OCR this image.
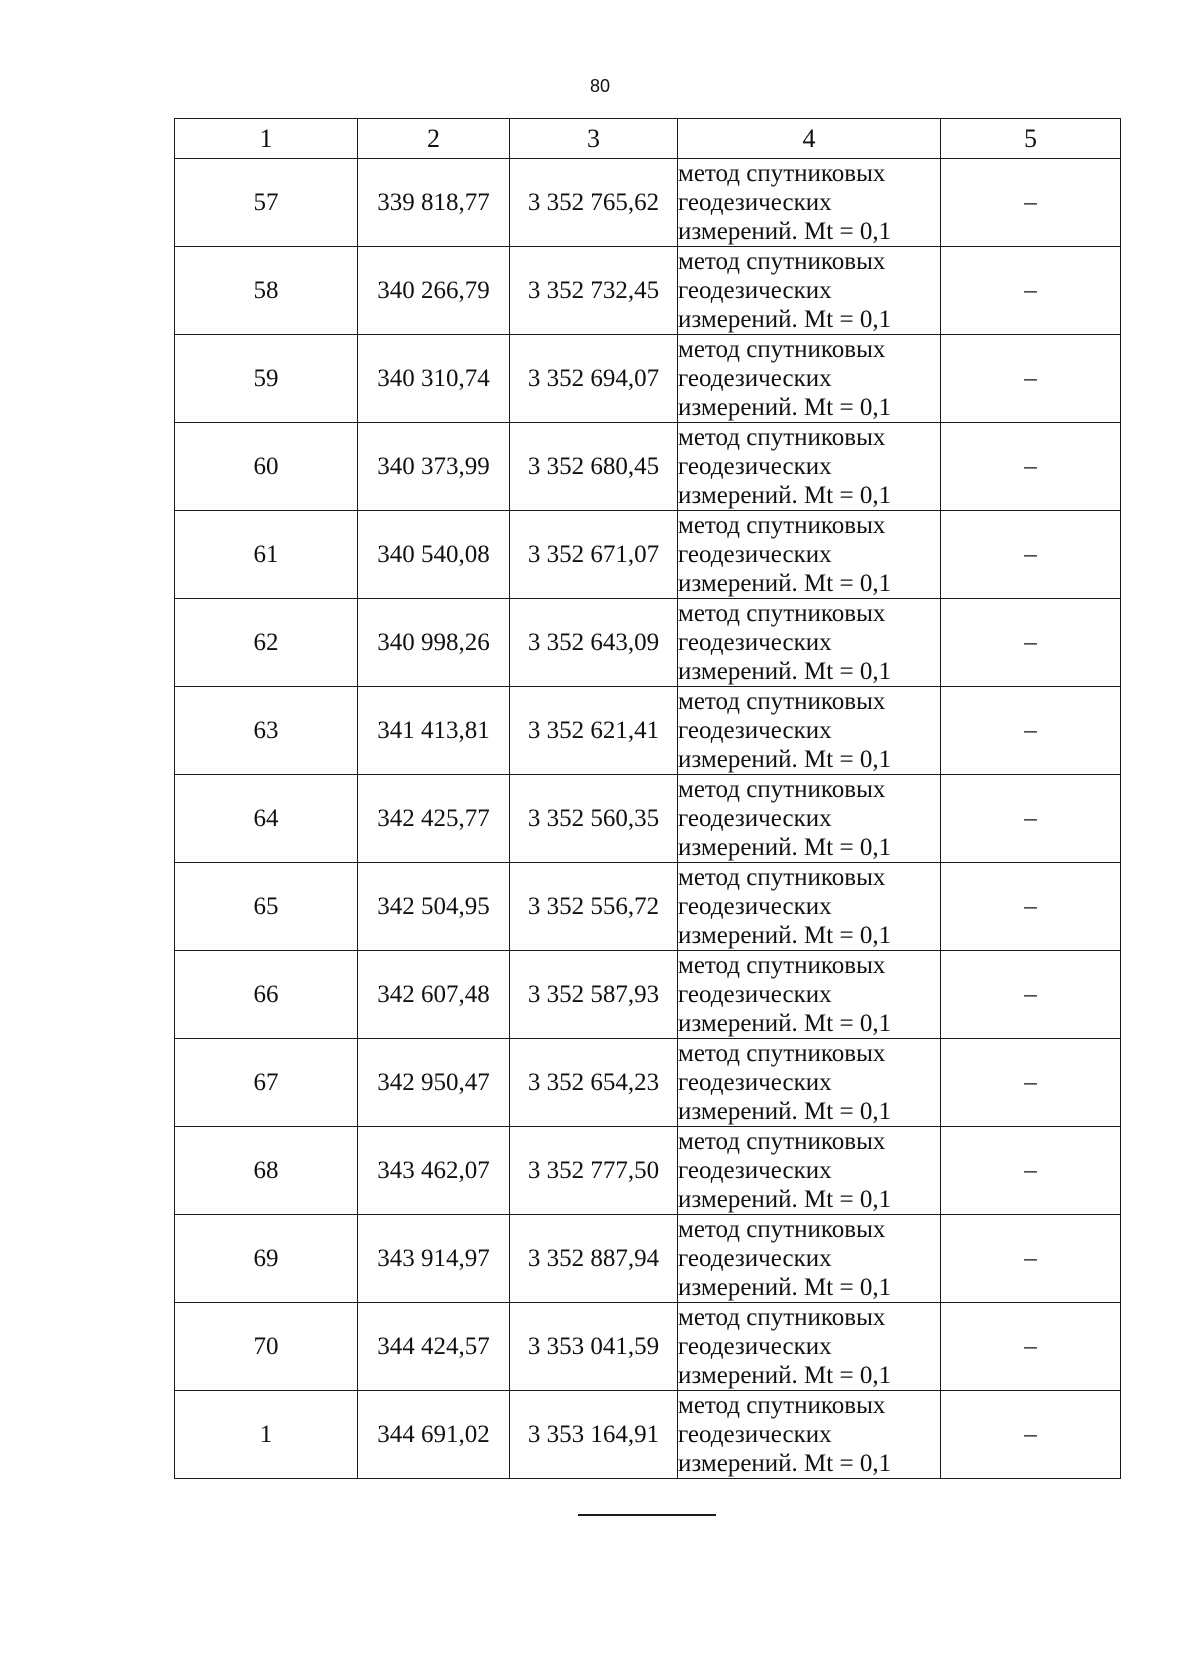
80
1	2	3	4	5
57	339 818,77	3 352 765,62	метод спутниковых
геодезических
измерений. Mt = 0,1	–
58	340 266,79	3 352 732,45	метод спутниковых
геодезических
измерений. Mt = 0,1	–
59	340 310,74	3 352 694,07	метод спутниковых
геодезических
измерений. Mt = 0,1	–
60	340 373,99	3 352 680,45	метод спутниковых
геодезических
измерений. Mt = 0,1	–
61	340 540,08	3 352 671,07	метод спутниковых
геодезических
измерений. Mt = 0,1	–
62	340 998,26	3 352 643,09	метод спутниковых
геодезических
измерений. Mt = 0,1	–
63	341 413,81	3 352 621,41	метод спутниковых
геодезических
измерений. Mt = 0,1	–
64	342 425,77	3 352 560,35	метод спутниковых
геодезических
измерений. Mt = 0,1	–
65	342 504,95	3 352 556,72	метод спутниковых
геодезических
измерений. Mt = 0,1	–
66	342 607,48	3 352 587,93	метод спутниковых
геодезических
измерений. Mt = 0,1	–
67	342 950,47	3 352 654,23	метод спутниковых
геодезических
измерений. Mt = 0,1	–
68	343 462,07	3 352 777,50	метод спутниковых
геодезических
измерений. Mt = 0,1	–
69	343 914,97	3 352 887,94	метод спутниковых
геодезических
измерений. Mt = 0,1	–
70	344 424,57	3 353 041,59	метод спутниковых
геодезических
измерений. Mt = 0,1	–
1	344 691,02	3 353 164,91	метод спутниковых
геодезических
измерений. Mt = 0,1	–
